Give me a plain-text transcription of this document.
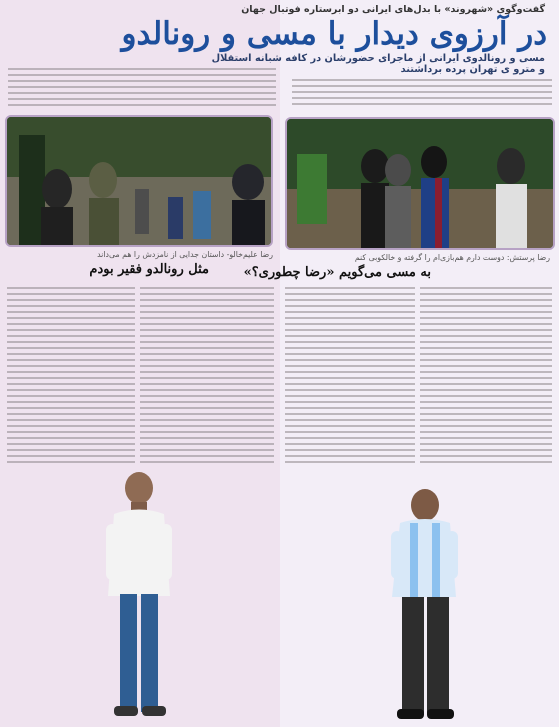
گفت‌وگوی «شهروند» با بدل‌های ایرانی دو ابرستاره فوتبال جهان
در آرزوی دیدار با مسی و رونالدو
مسی و رونالدوی ایرانی از ماجرای حضورشان در کافه شبانه استقلال
و مترو ی تهران پرده برداشتند
رضا علیم‌خالو- داستان جدایی از نامزدش را هم می‌داند	رضا پرستش: دوست دارم هم‌بازی‌ام را گرفته و خالکوبی کنم
مثل رونالدو فقیر بودم	به مسی می‌گویم «رضا چطوری؟»
